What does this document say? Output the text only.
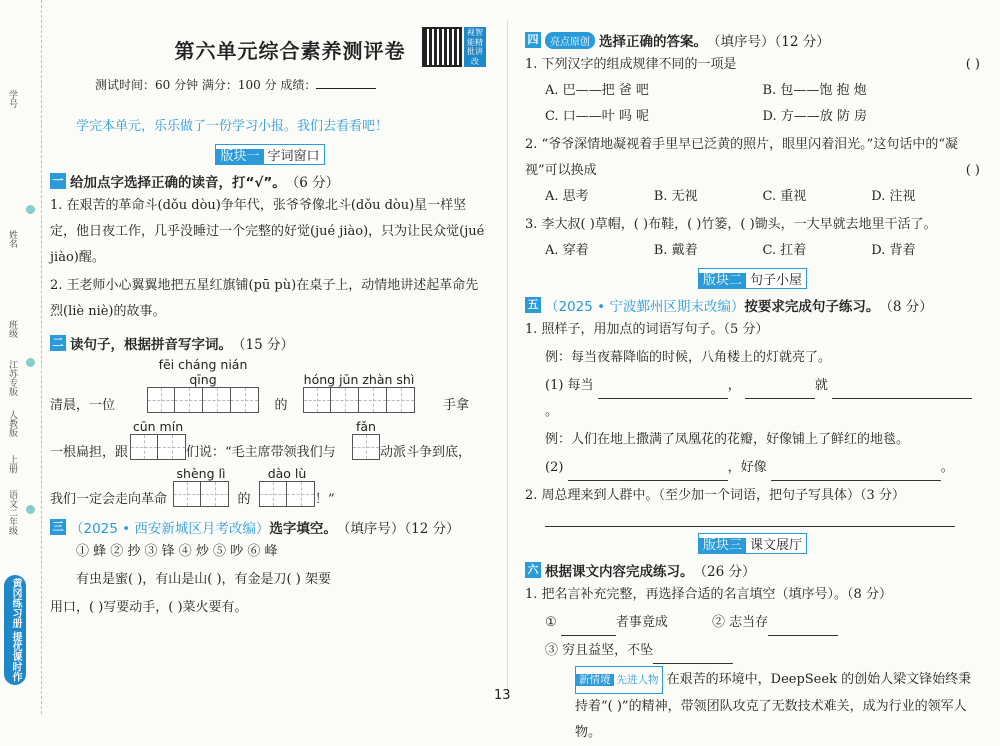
学号
姓名
班级
江苏专版
人教版
上册
语文二年级
黄冈练习册 提优课时作
第六单元综合素养测评卷
视智能精批讲改
测试时间：60 分钟 满分：100 分 成绩：
学完本单元，乐乐做了一份学习小报。我们去看看吧！
版块一 字词窗口
一 给加点字选择正确的读音，打“√”。 （6 分）
1. 在艰苦的革命斗(dǒu dòu)争年代，张爷爷像北斗(dǒu dòu)星一样坚定，他日夜工作，几乎没睡过一个完整的好觉(jué jiào)，只为让民众觉(jué jiào)醒。
2. 王老师小心翼翼地把五星红旗铺(pū pù)在桌子上，动情地讲述起革命先烈(liè niè)的故事。
二 读句子，根据拼音写字词。 （15 分）
fēi cháng nián qīng	hóng jūn zhàn shì
清晨，一位	的	手拿
cūn mín	fǎn
一根扁担，跟	们说：“毛主席带领我们与	动派斗争到底，
shèng lì	dào lù
我们一定会走向革命	的	！”
三 （2025 • 西安新城区月考改编） 选字填空。 （填序号）（12 分）
① 蜂 ② 抄 ③ 锋 ④ 炒 ⑤ 吵 ⑥ 峰
有虫是蜜( )，有山是山( )，有金是刀( ) 架要
用口，( )写要动手，( )菜火要有。
四	亮点原创 选择正确的答案。 （填序号）（12 分）
1. 下列汉字的组成规律不同的一项是	( )
A. 巴——把 爸 吧	B. 包——饱 抱 炮
C. 口——叶 吗 呢	D. 方——放 防 房
2. “爷爷深情地凝视着手里早已泛黄的照片，眼里闪着泪光。”这句话中的“凝视”可以换成	( )
A. 思考	B. 无视	C. 重视	D. 注视
3. 李大叔( )草帽，( )布鞋，( )竹篓，( )锄头，一大早就去地里干活了。
A. 穿着	B. 戴着	C. 扛着	D. 背着
版块二 句子小屋
五 （2025 • 宁波鄞州区期末改编） 按要求完成句子练习。 （8 分）
1. 照样子，用加点的词语写句子。（5 分）
例：每当夜幕降临的时候，八角楼上的灯就亮了。
(1) 每当	，	就 。
例：人们在地上撒满了凤凰花的花瓣，好像铺上了鲜红的地毯。
(2)	，好像	。
2. 周总理来到人群中。（至少加一个词语，把句子写具体）（3 分）
版块三 课文展厅
六 根据课文内容完成练习。 （26 分）
1. 把名言补充完整，再选择合适的名言填空（填序号）。（8 分）
①	者事竟成	② 志当存
③ 穷且益坚，不坠
新情境 先进人物 在艰苦的环境中，DeepSeek 的创始人梁文锋始终秉持着“( )”的精神，带领团队攻克了无数技术难关，成为行业的领军人物。
13
